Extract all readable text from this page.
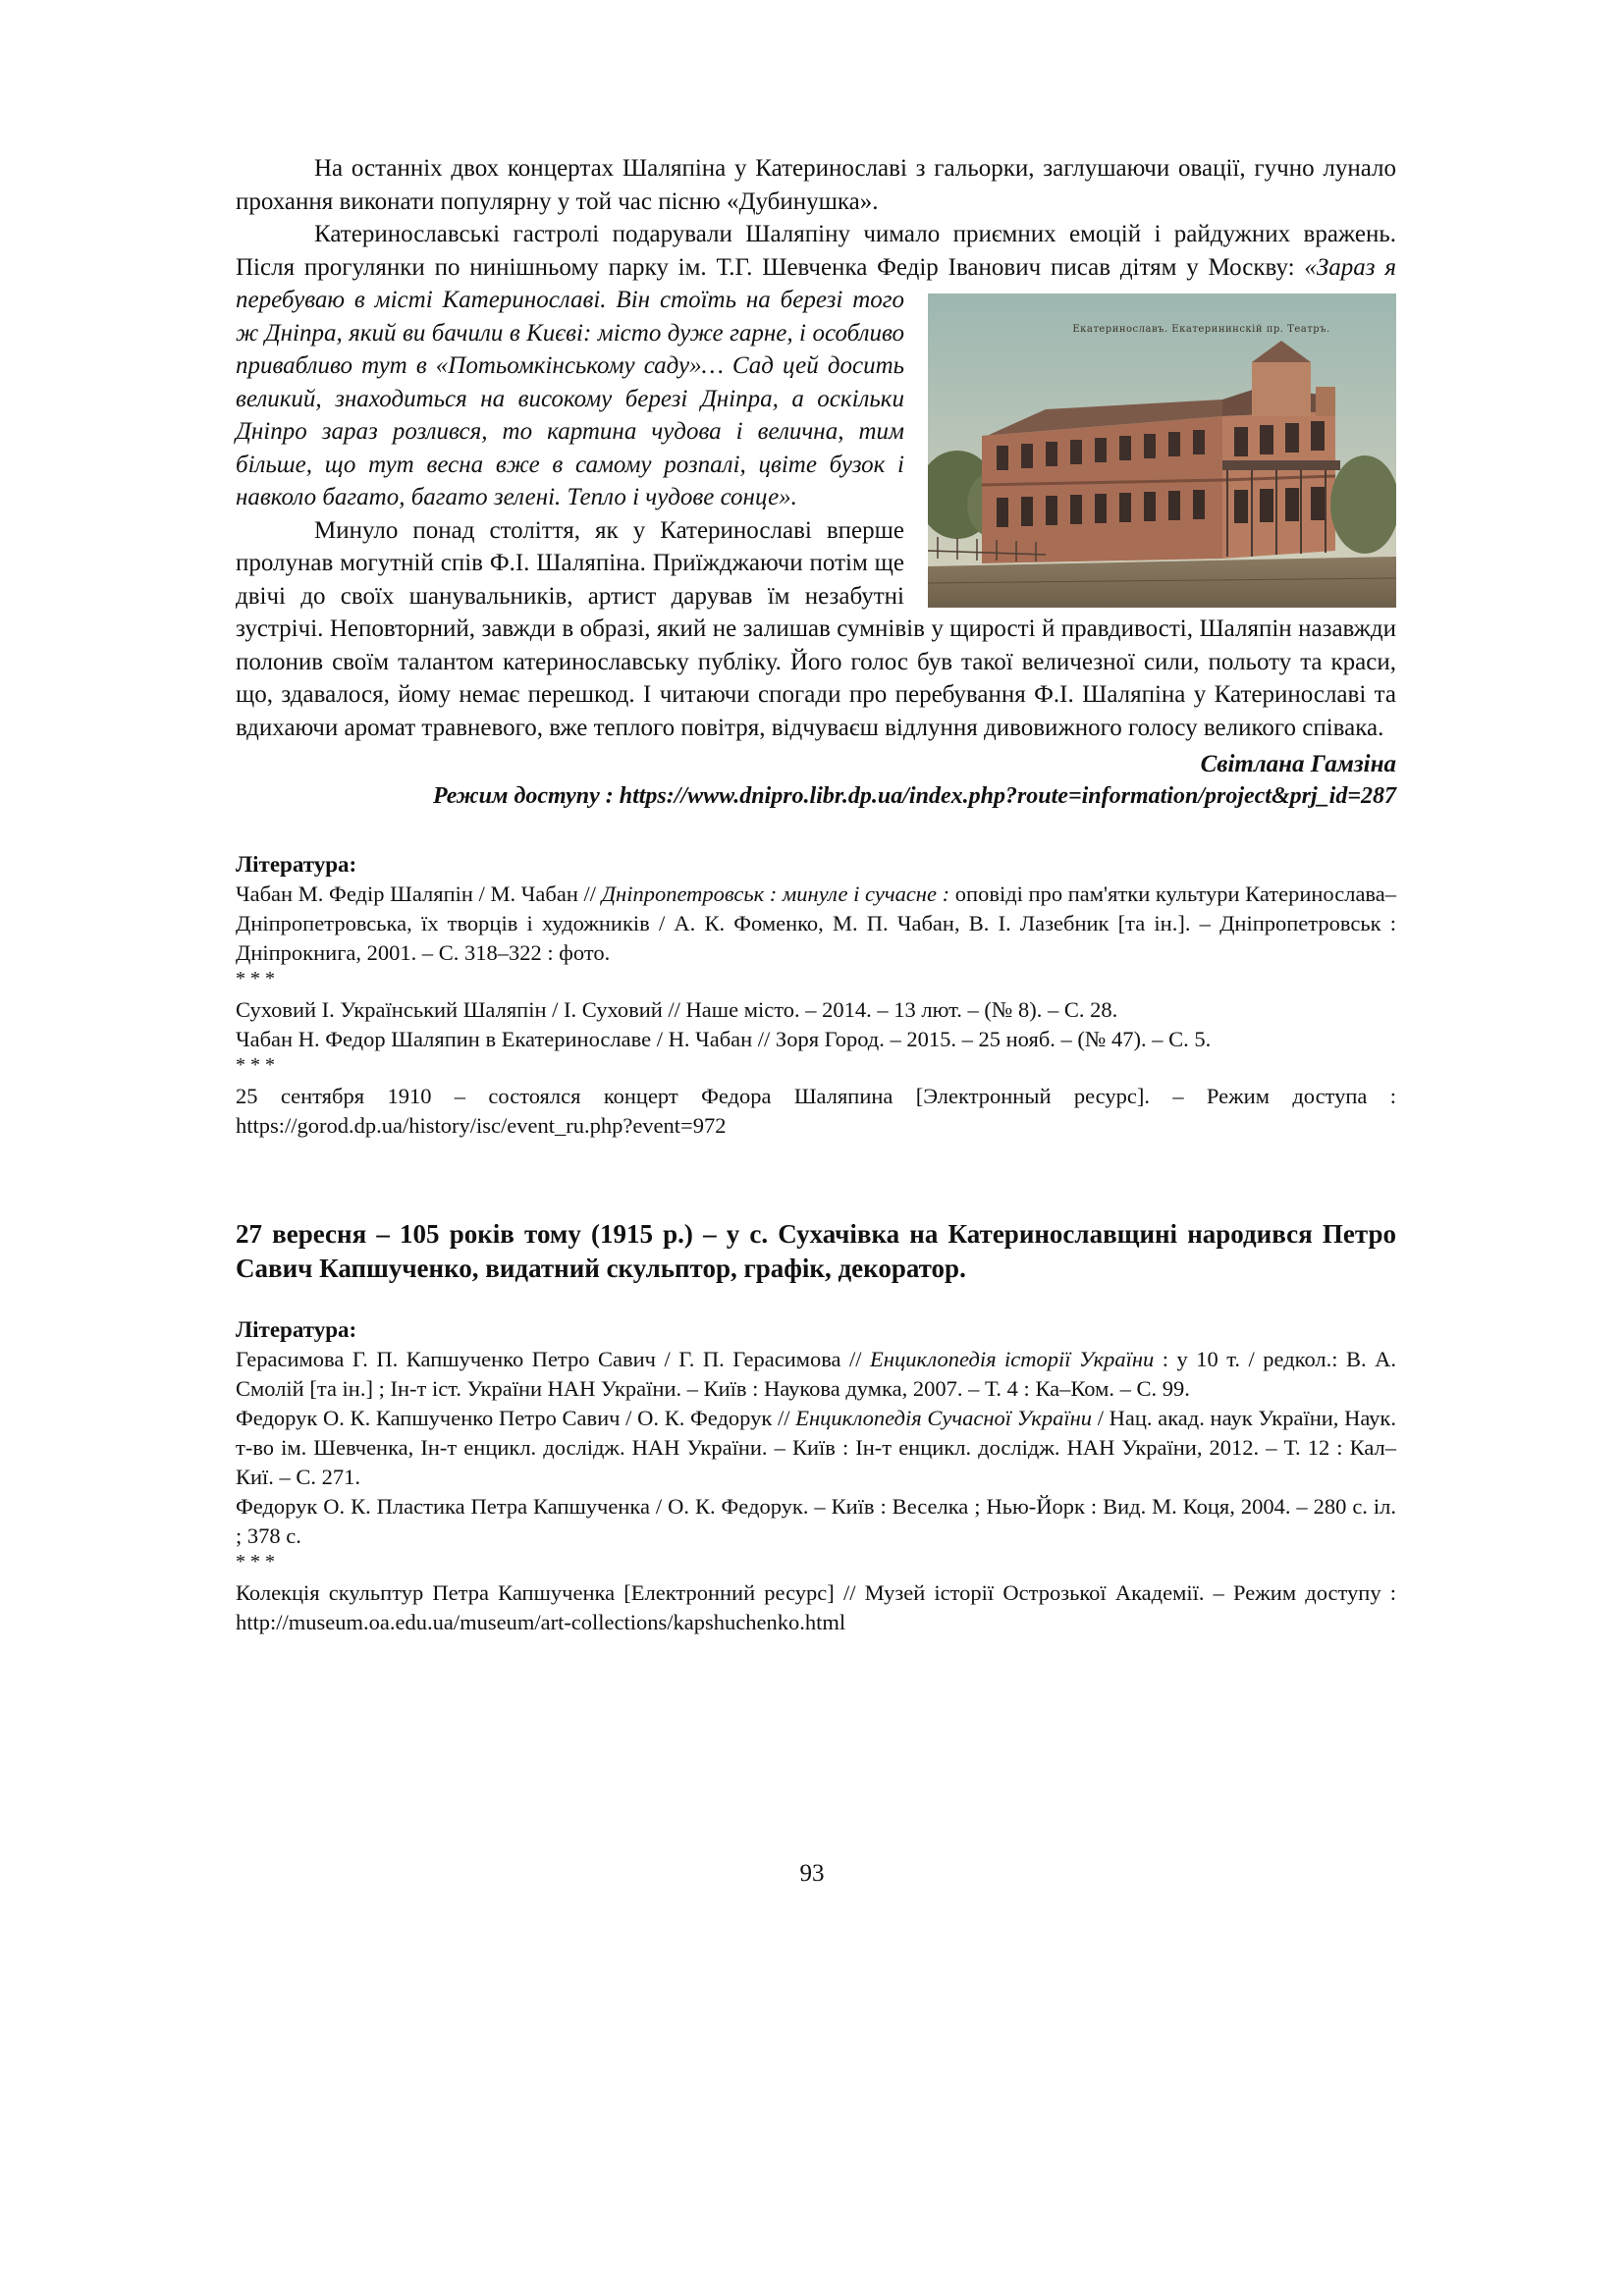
На останніх двох концертах Шаляпіна у Катеринославі з гальорки, заглушаючи овації, гучно лунало прохання виконати популярну у той час пісню «Дубинушка».

Катеринославські гастролі подарували Шаляпіну чимало приємних емоцій і райдужних вражень. Після прогулянки по нинішньому парку ім. Т.Г. Шевченка Федір Іванович писав дітям у Москву:
Екатеринославъ. Екатерининскій пр. Театръ.
«Зараз я перебуваю в місті Катеринославі. Він стоїть на березі того ж Дніпра, який ви бачили в Києві: місто дуже гарне, і особливо привабливо тут в «Потьомкінському саду»… Сад цей досить великий, знаходиться на високому березі Дніпра, а оскільки Дніпро зараз розлився, то картина чудова і велична, тим більше, що тут весна вже в самому розпалі, цвіте бузок і навколо багато, багато зелені. Тепло і чудове сонце».

Минуло понад століття, як у Катеринославі вперше пролунав могутній спів Ф.І. Шаляпіна. Приїжджаючи потім ще двічі до своїх шанувальників, артист дарував їм незабутні зустрічі. Неповторний, завжди в образі, який не залишав сумнівів у щирості й правдивості, Шаляпін назавжди полонив своїм талантом катеринославську публіку. Його голос був такої величезної сили, польоту та краси, що, здавалося, йому немає перешкод. І читаючи спогади про перебування Ф.І. Шаляпіна у Катеринославі та вдихаючи аромат травневого, вже теплого повітря, відчуваєш відлуння дивовижного голосу великого співака.

Світлана Гамзіна

Режим доступу : https://www.dnipro.libr.dp.ua/index.php?route=information/project&prj_id=287

Література:

Чабан М. Федір Шаляпін / М. Чабан // Дніпропетровськ : минуле і сучасне : оповіді про пам'ятки культури Катеринослава–Дніпропетровська, їх творців і художників / А. К. Фоменко, М. П. Чабан, В. І. Лазебник [та ін.]. – Дніпропетровськ : Дніпрокнига, 2001. – С. 318–322 : фото.

* * *

Суховий І. Український Шаляпін / І. Суховий // Наше місто. – 2014. – 13 лют. – (№ 8). – С. 28.

Чабан Н. Федор Шаляпин в Екатеринославе / Н. Чабан // Зоря Город. – 2015. – 25 нояб. – (№ 47). – С. 5.

* * *

25 сентября 1910 – состоялся концерт Федора Шаляпина [Электронный ресурс]. – Режим доступа : https://gorod.dp.ua/history/isc/event_ru.php?event=972

27 вересня – 105 років тому (1915 р.) – у с. Сухачівка на Катеринославщині народився Петро Савич Капшученко, видатний скульптор, графік, декоратор.

Література:

Герасимова Г. П. Капшученко Петро Савич / Г. П. Герасимова // Енциклопедія історії України : у 10 т. / редкол.: В. А. Смолій [та ін.] ; Ін-т іст. України НАН України. – Київ : Наукова думка, 2007. – Т. 4 : Ка–Ком. – С. 99.

Федорук О. К. Капшученко Петро Савич / О. К. Федорук // Енциклопедія Сучасної України / Нац. акад. наук України, Наук. т-во ім. Шевченка, Ін-т енцикл. дослідж. НАН України. – Київ : Ін-т енцикл. дослідж. НАН України, 2012. – Т. 12 : Кал–Киї. – С. 271.

Федорук О. К. Пластика Петра Капшученка / О. К. Федорук. – Київ : Веселка ; Нью-Йорк : Вид. М. Коця, 2004. – 280 с. іл. ; 378 с.

* * *

Колекція скульптур Петра Капшученка [Електронний ресурс] // Музей історії Острозької Академії. – Режим доступу : http://museum.oa.edu.ua/museum/art-collections/kapshuchenko.html

93
